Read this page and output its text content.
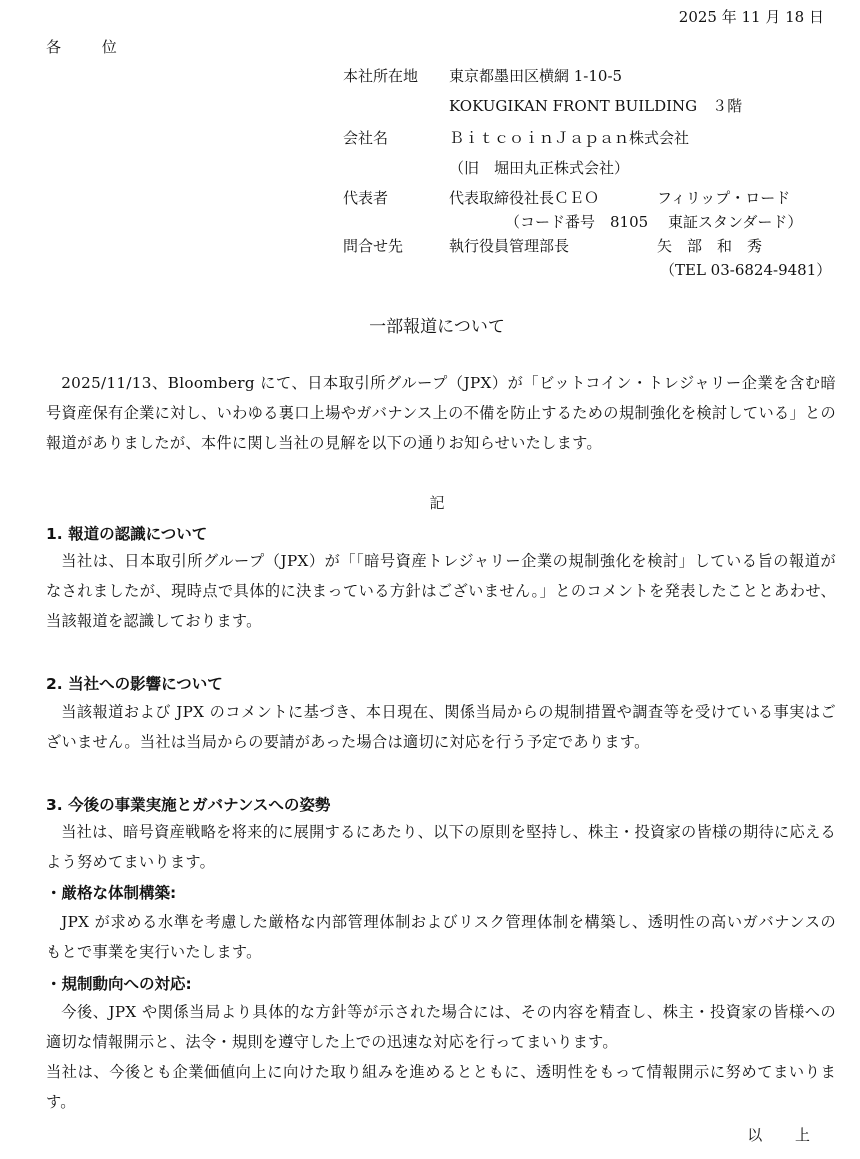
2025 年 11 月 18 日
各 位
本社所在地 東京都墨田区横網 1-10-5
KOKUGIKAN FRONT BUILDING　３階
会社名	ＢｉｔｃｏｉｎＪａｐａｎ株式会社
（旧　堀田丸正株式会社）
代表者	代表取締役社長ＣＥＯ	フィリップ・ロード
（コード番号　8105　 東証スタンダード）
問合せ先	執行役員管理部長	矢　部　和　秀
（TEL 03-6824-9481）
一部報道について
2025/11/13、Bloomberg にて、日本取引所グループ（JPX）が「ビットコイン・トレジャリー企業を含む暗号資産保有企業に対し、いわゆる裏口上場やガバナンス上の不備を防止するための規制強化を検討している」との報道がありましたが、本件に関し当社の見解を以下の通りお知らせいたします。
記
1. 報道の認識について
当社は、日本取引所グループ（JPX）が「「暗号資産トレジャリー企業の規制強化を検討」している旨の報道がなされましたが、現時点で具体的に決まっている方針はございません。」とのコメントを発表したこととあわせ、当該報道を認識しております。
2. 当社への影響について
当該報道および JPX のコメントに基づき、本日現在、関係当局からの規制措置や調査等を受けている事実はございません。当社は当局からの要請があった場合は適切に対応を行う予定であります。
3. 今後の事業実施とガバナンスへの姿勢
当社は、暗号資産戦略を将来的に展開するにあたり、以下の原則を堅持し、株主・投資家の皆様の期待に応えるよう努めてまいります。
・厳格な体制構築:
JPX が求める水準を考慮した厳格な内部管理体制およびリスク管理体制を構築し、透明性の高いガバナンスのもとで事業を実行いたします。
・規制動向への対応:
今後、JPX や関係当局より具体的な方針等が示された場合には、その内容を精査し、株主・投資家の皆様への適切な情報開示と、法令・規則を遵守した上での迅速な対応を行ってまいります。
当社は、今後とも企業価値向上に向けた取り組みを進めるとともに、透明性をもって情報開示に努めてまいります。
以 上
